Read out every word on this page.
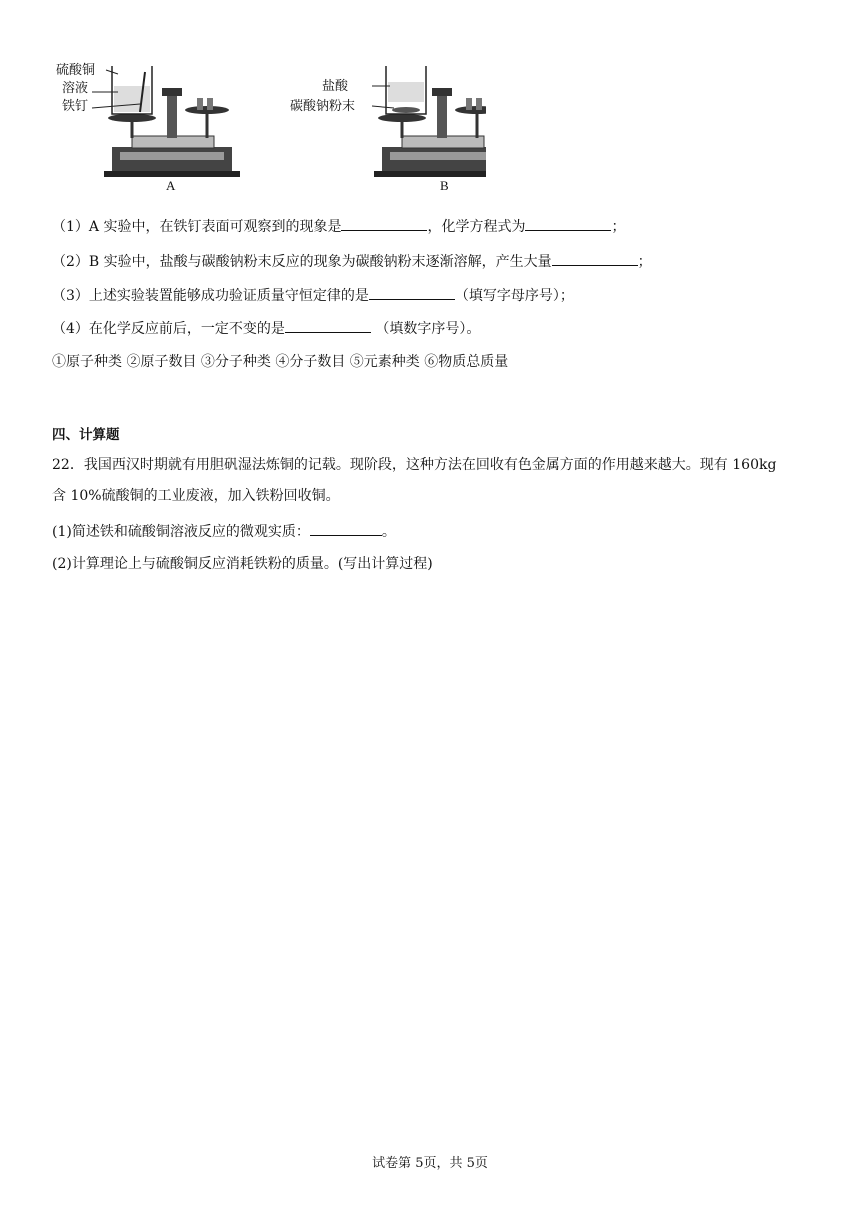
硫酸铜
溶液
铁钉
A
盐酸
碳酸钠粉末
B
（1）A 实验中，在铁钉表面可观察到的现象是	，化学方程式为	；
（2）B 实验中，盐酸与碳酸钠粉末反应的现象为碳酸钠粉末逐渐溶解，产生大量	；
（3）上述实验装置能够成功验证质量守恒定律的是	（填写字母序号）；
（4）在化学反应前后，一定不变的是	（填数字序号）。
①原子种类 ②原子数目 ③分子种类 ④分子数目 ⑤元素种类 ⑥物质总质量
四、计算题
22．我国西汉时期就有用胆矾湿法炼铜的记载。现阶段，这种方法在回收有色金属方面的作用越来越大。现有 160kg
含 10%硫酸铜的工业废液，加入铁粉回收铜。
(1)简述铁和硫酸铜溶液反应的微观实质：	。
(2)计算理论上与硫酸铜反应消耗铁粉的质量。(写出计算过程)
试卷第 5页，共 5页
